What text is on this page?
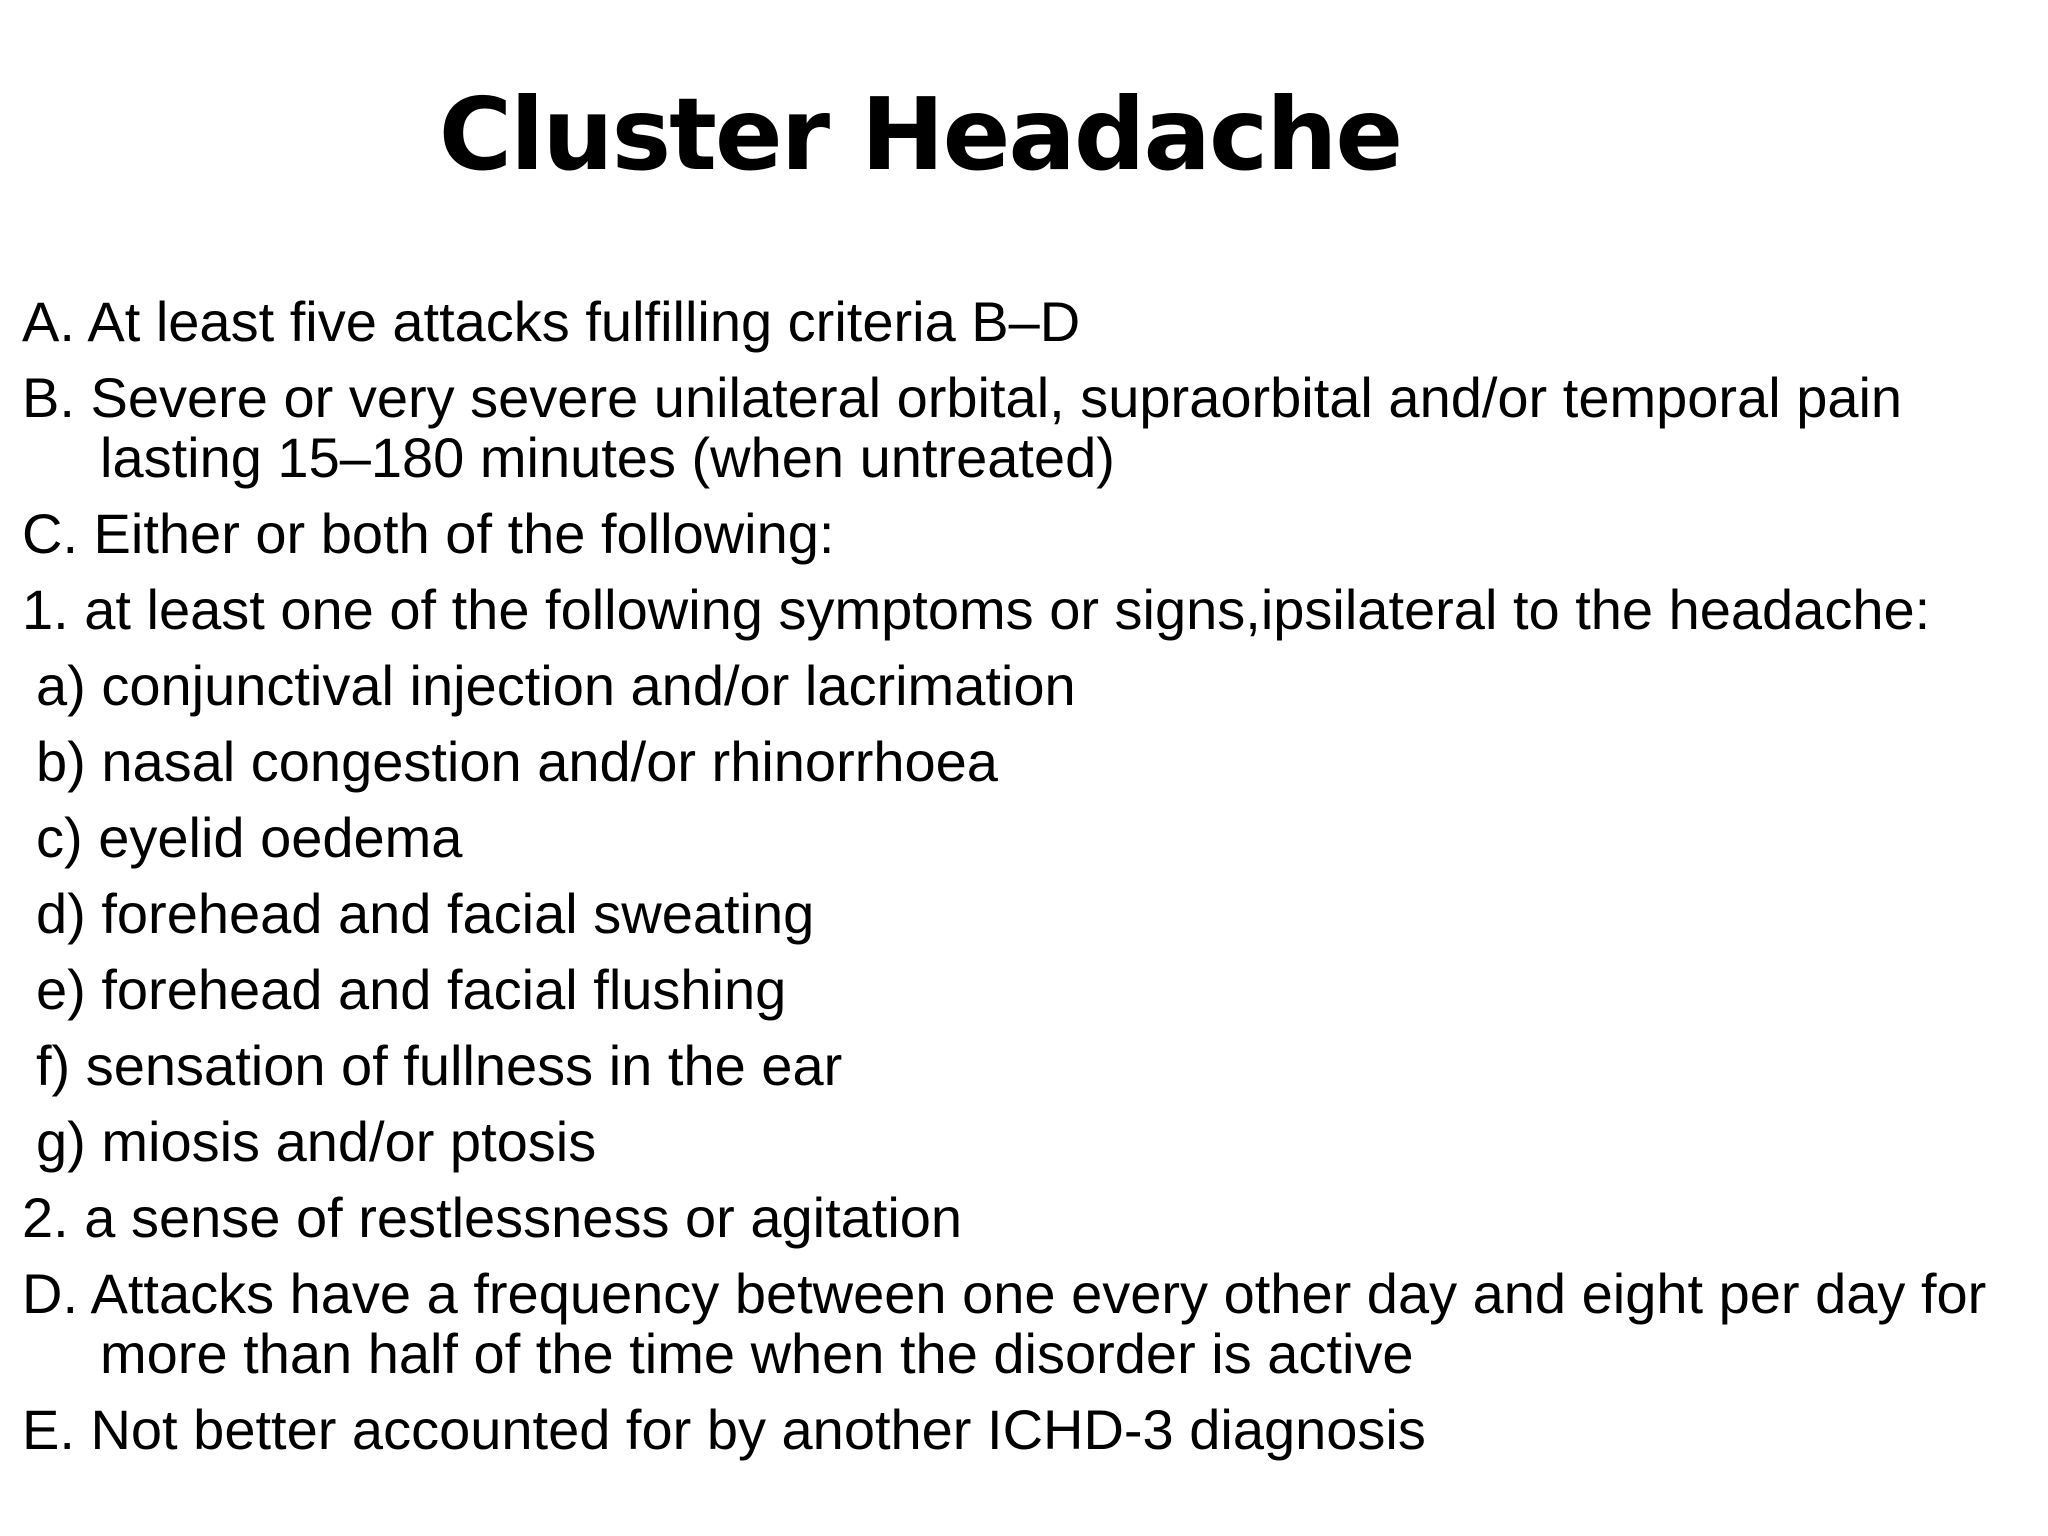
Cluster Headache
A. At least five attacks fulfilling criteria B–D
B. Severe or very severe unilateral orbital, supraorbital and/or temporal pain
lasting 15–180 minutes (when untreated)
C. Either or both of the following:
1. at least one of the following symptoms or signs,ipsilateral to the headache:
a) conjunctival injection and/or lacrimation
b) nasal congestion and/or rhinorrhoea
c) eyelid oedema
d) forehead and facial sweating
e) forehead and facial flushing
f) sensation of fullness in the ear
g) miosis and/or ptosis
2. a sense of restlessness or agitation
D. Attacks have a frequency between one every other day and eight per day for
more than half of the time when the disorder is active
E. Not better accounted for by another ICHD-3 diagnosis
